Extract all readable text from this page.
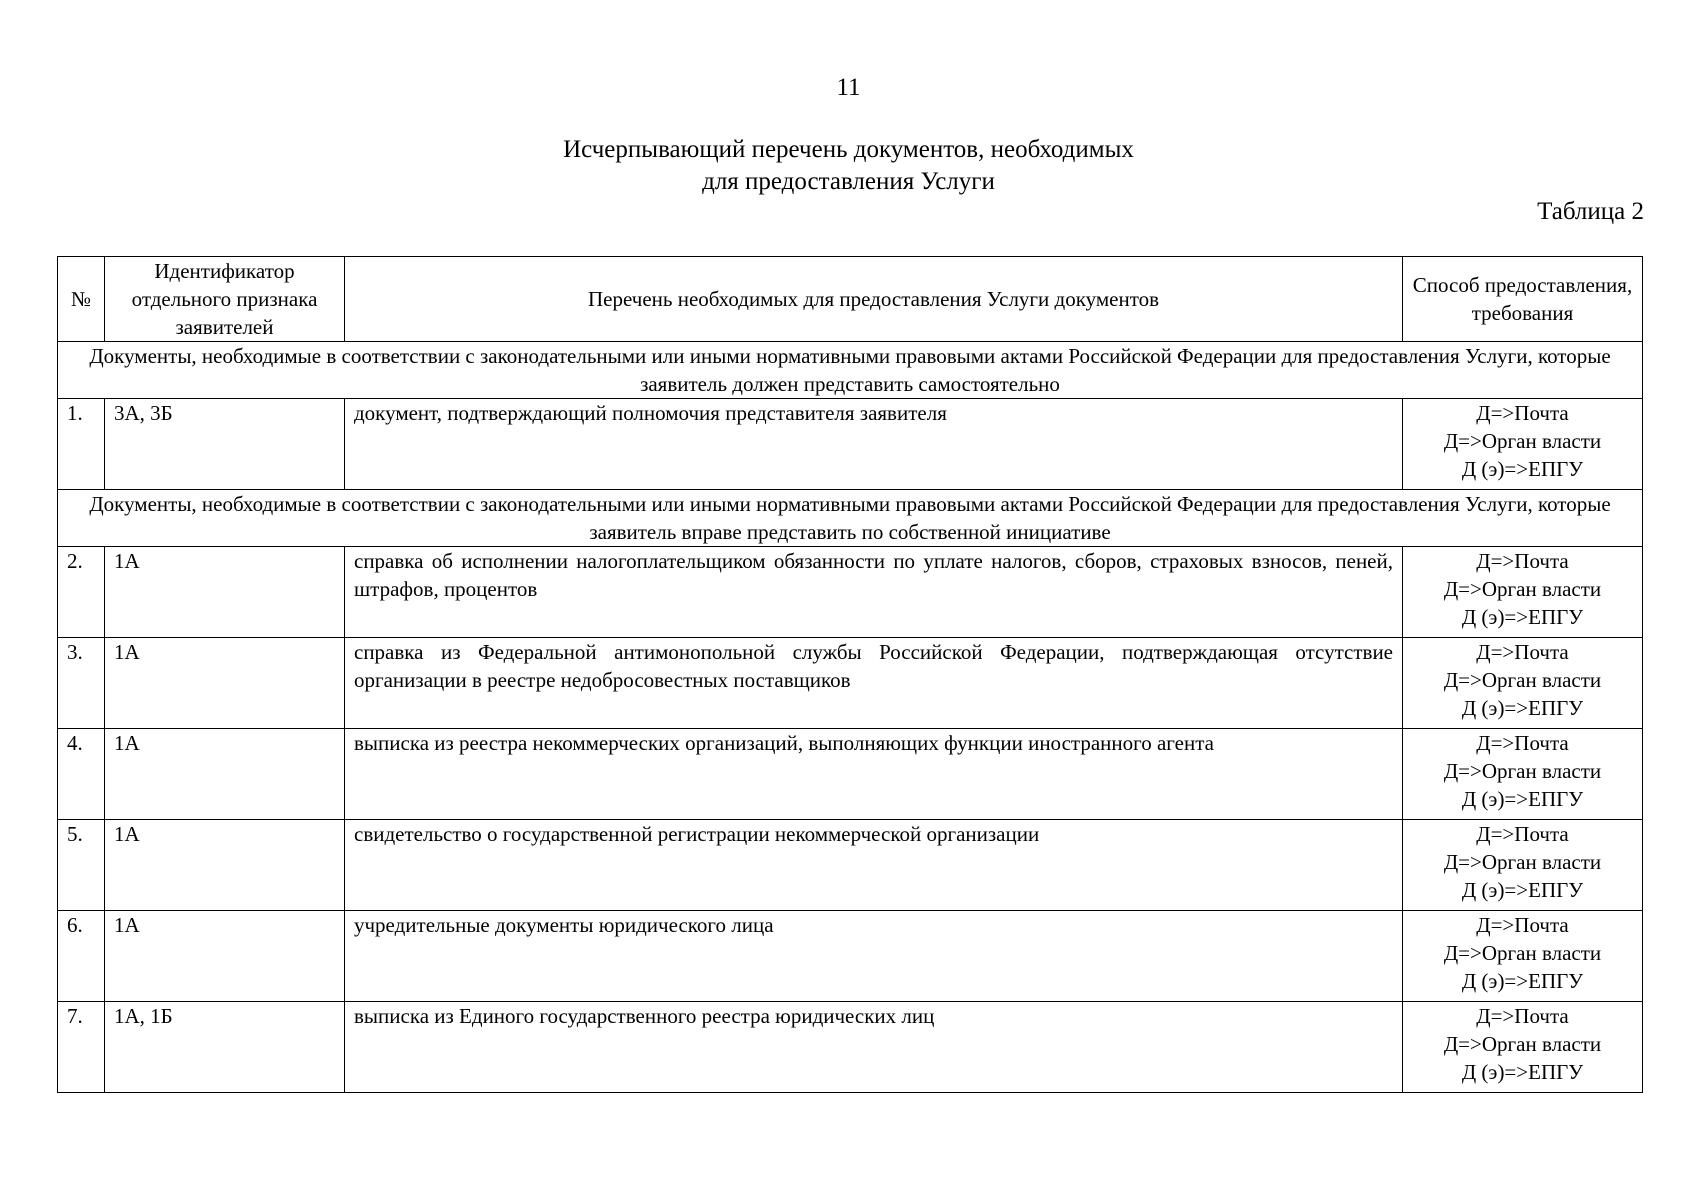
11
Исчерпывающий перечень документов, необходимых
для предоставления Услуги
Таблица 2
№	Идентификатор отдельного признака заявителей	Перечень необходимых для предоставления Услуги документов	Способ предоставления, требования
Документы, необходимые в соответствии с законодательными или иными нормативными правовыми актами Российской Федерации для предоставления Услуги, которые заявитель должен представить самостоятельно			
1.	3А, 3Б	документ, подтверждающий полномочия представителя заявителя	Д=>Почта
Д=>Орган власти
Д (э)=>ЕПГУ

Документы, необходимые в соответствии с законодательными или иными нормативными правовыми актами Российской Федерации для предоставления Услуги, которые заявитель вправе представить по собственной инициативе			
2.	1А	справка об исполнении налогоплательщиком обязанности по уплате налогов, сборов, страховых взносов, пеней, штрафов, процентов	Д=>Почта
Д=>Орган власти
Д (э)=>ЕПГУ

3.	1А	справка из Федеральной антимонопольной службы Российской Федерации, подтверждающая отсутствие организации в реестре недобросовестных поставщиков	Д=>Почта
Д=>Орган власти
Д (э)=>ЕПГУ

4.	1А	выписка из реестра некоммерческих организаций, выполняющих функции иностранного агента	Д=>Почта
Д=>Орган власти
Д (э)=>ЕПГУ

5.	1А	свидетельство о государственной регистрации некоммерческой организации	Д=>Почта
Д=>Орган власти
Д (э)=>ЕПГУ

6.	1А	учредительные документы юридического лица	Д=>Почта
Д=>Орган власти
Д (э)=>ЕПГУ

7.	1А, 1Б	выписка из Единого государственного реестра юридических лиц	Д=>Почта
Д=>Орган власти
Д (э)=>ЕПГУ
